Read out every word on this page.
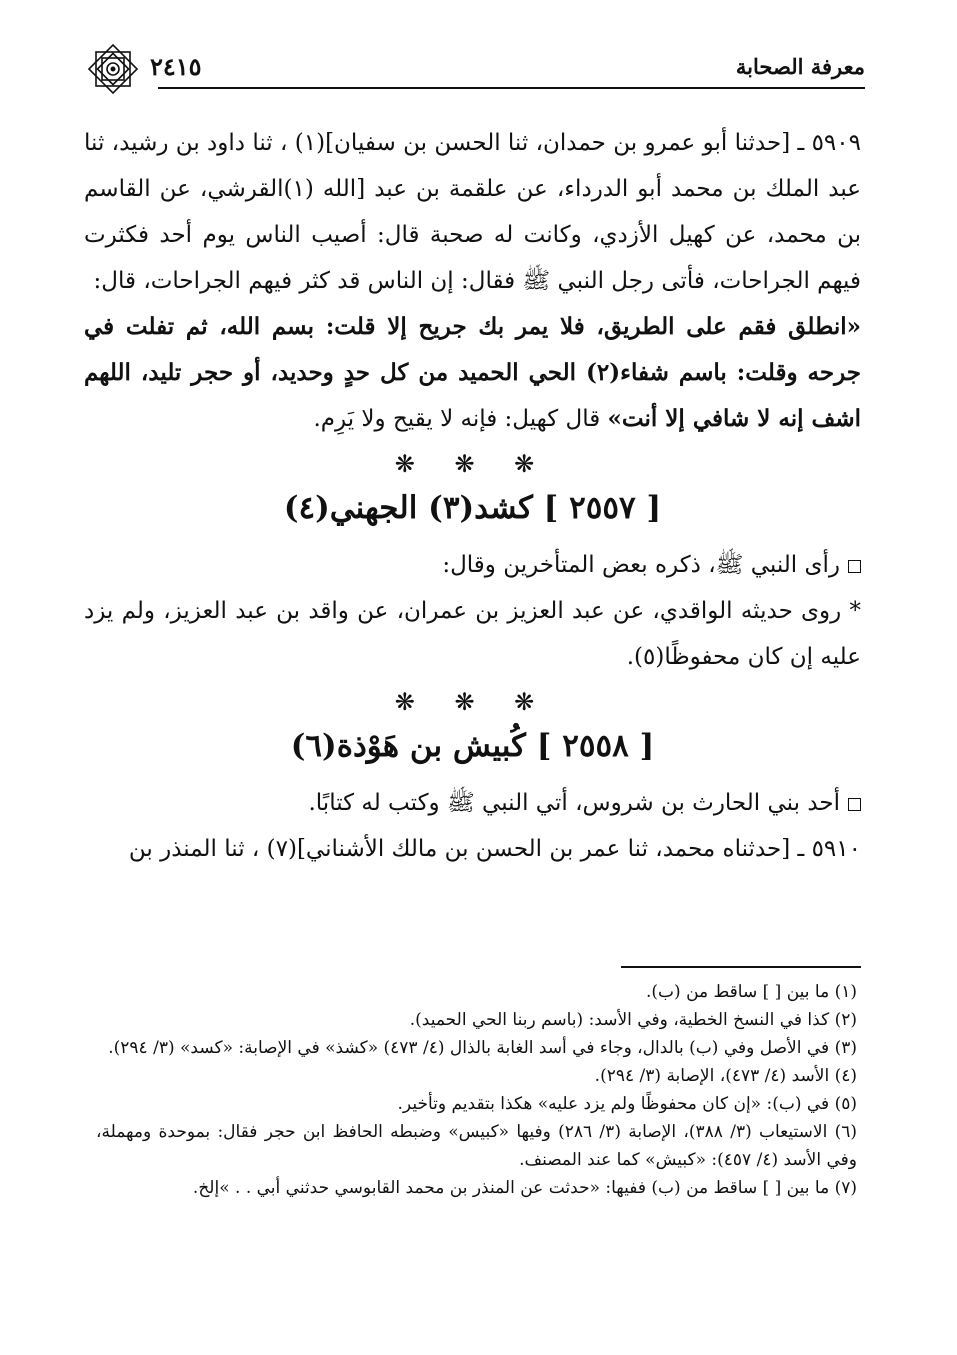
معرفة الصحابة
٢٤١٥

٥٩٠٩ ـ [حدثنا أبو عمرو بن حمدان، ثنا الحسن بن سفيان](١) ، ثنا داود بن رشيد، ثنا عبد الملك بن محمد أبو الدرداء، عن علقمة بن عبد [الله (١)القرشي، عن القاسم بن محمد، عن كهيل الأزدي، وكانت له صحبة قال: أصيب الناس يوم أحد فكثرت فيهم الجراحات، فأتى رجل النبي ﷺ فقال: إن الناس قد كثر فيهم الجراحات، قال:

«انطلق فقم على الطريق، فلا يمر بك جريح إلا قلت: بسم الله، ثم تفلت في جرحه وقلت: باسم شفاء(٢) الحي الحميد من كل حدٍ وحديد، أو حجر تليد، اللهم اشف إنه لا شافي إلا أنت» قال كهيل: فإنه لا يقيح ولا يَرِم.

❋ ❋ ❋
[ ٢٥٥٧ ] كشد(٣) الجهني(٤)

رأى النبي ﷺ، ذكره بعض المتأخرين وقال:

* روى حديثه الواقدي، عن عبد العزيز بن عمران، عن واقد بن عبد العزيز، ولم يزد عليه إن كان محفوظًا(٥).

❋ ❋ ❋
[ ٢٥٥٨ ] كُبيش بن هَوْذة(٦)

أحد بني الحارث بن شروس، أتي النبي ﷺ وكتب له كتابًا.

٥٩١٠ ـ [حدثناه محمد، ثنا عمر بن الحسن بن مالك الأشناني](٧) ، ثنا المنذر بن

(١) ما بين [ ] ساقط من (ب).

(٢) كذا في النسخ الخطية، وفي الأسد: (باسم ربنا الحي الحميد).

(٣) في الأصل وفي (ب) بالدال، وجاء في أسد الغابة بالذال (٤/ ٤٧٣) «كشذ» في الإصابة: «كسد» (٣/ ٢٩٤).

(٤) الأسد (٤/ ٤٧٣)، الإصابة (٣/ ٢٩٤).

(٥) في (ب): «إن كان محفوظًا ولم يزد عليه» هكذا بتقديم وتأخير.

(٦) الاستيعاب (٣/ ٣٨٨)، الإصابة (٣/ ٢٨٦) وفيها «كبيس» وضبطه الحافظ ابن حجر فقال: بموحدة ومهملة، وفي الأسد (٤/ ٤٥٧): «كبيش» كما عند المصنف.

(٧) ما بين [ ] ساقط من (ب) ففيها: «حدثت عن المنذر بن محمد القابوسي حدثني أبي . . »إلخ.
